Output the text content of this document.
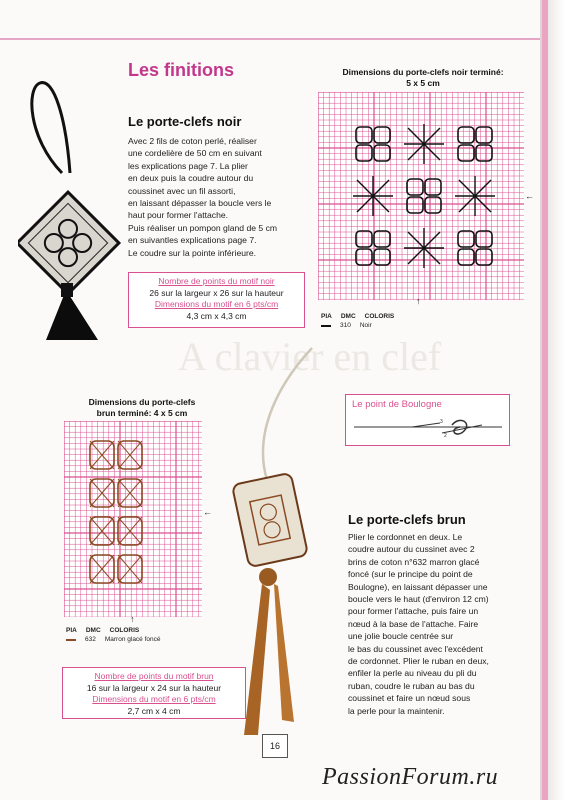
A clavier en clef
Les finitions
Le porte-clefs noir
Avec 2 fils de coton perlé, réaliser
une cordelière de 50 cm en suivant
les explications page 7. La plier
en deux puis la coudre autour du
coussinet avec un fil assorti,
en laissant dépasser la boucle vers le
haut pour former l'attache.
Puis réaliser un pompon gland de 5 cm
en suivantles explications page 7.
Le coudre sur la pointe inférieure.
Nombre de points du motif noir
26 sur la largeur x 26 sur la hauteur
Dimensions du motif en 6 pts/cm
4,3 cm x 4,3 cm
Dimensions du porte-clefs noir terminé:
5 x 5 cm
↑
←
PIA DMC COLORIS
310 Noir
Le point de Boulogne
3
2
Dimensions du porte-clefs
brun terminé: 4 x 5 cm
↑
←
PIA DMC COLORIS
632 Marron glacé foncé
Nombre de points du motif brun
16 sur la largeur x 24 sur la hauteur
Dimensions du motif en 6 pts/cm
2,7 cm x 4 cm
Le porte-clefs brun
Plier le cordonnet en deux. Le
coudre autour du cussinet avec 2
brins de coton n°632 marron glacé
foncé (sur le principe du point de
Boulogne), en laissant dépasser une
boucle vers le haut (d'environ 12 cm)
pour former l'attache, puis faire un
nœud à la base de l'attache. Faire
une jolie boucle centrée sur
le bas du coussinet avec l'excédent
de cordonnet. Plier le ruban en deux,
enfiler la perle au niveau du pli du
ruban, coudre le ruban au bas du
coussinet et faire un nœud sous
la perle pour la maintenir.
16
PassionForum.ru
